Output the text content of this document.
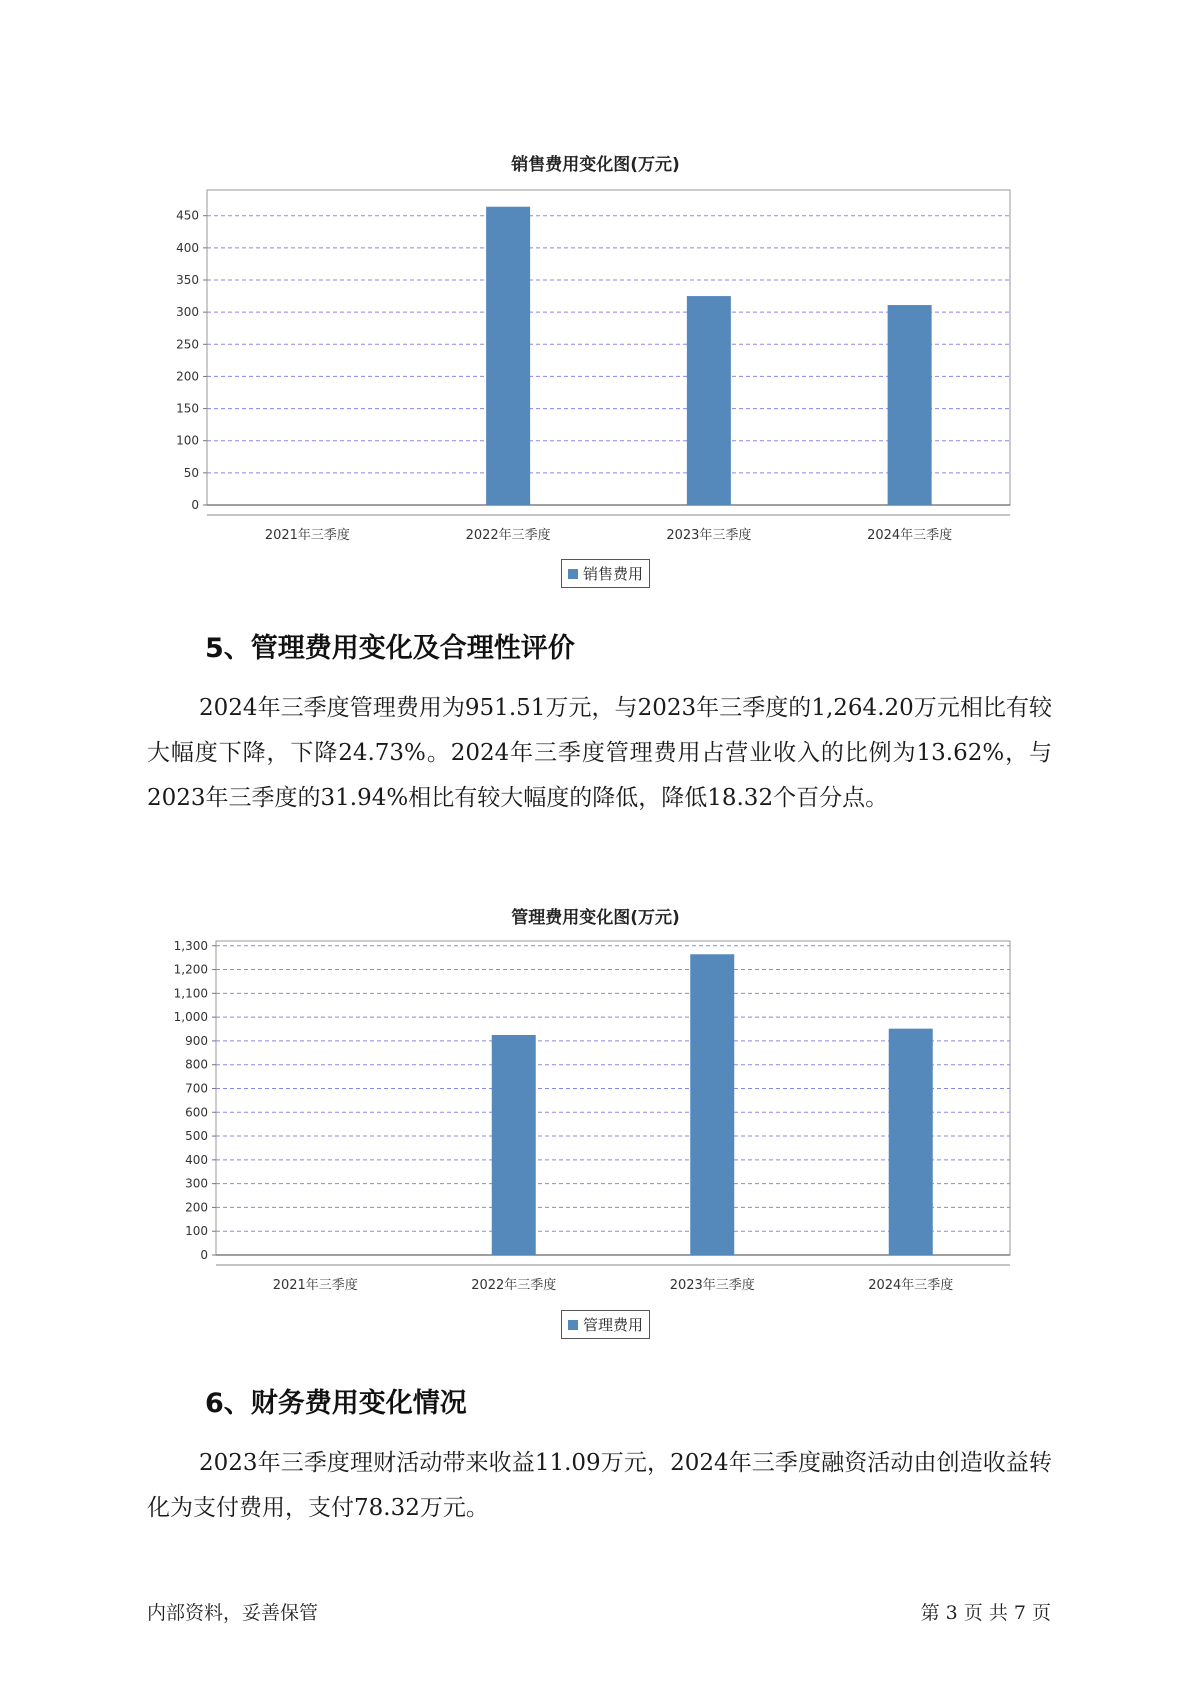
销售费用变化图(万元)
0
50
100
150
200
250
300
350
400
450
2021年三季度	2022年三季度	2023年三季度	2024年三季度
销售费用
5、管理费用变化及合理性评价

2024年三季度管理费用为951.51万元，与2023年三季度的1,264.20万元相比有较大幅度下降，下降24.73%。2024年三季度管理费用占营业收入的比例为13.62%，与2023年三季度的31.94%相比有较大幅度的降低，降低18.32个百分点。

管理费用变化图(万元)
0
100
200
300
400
500
600
700
800
900
1,000
1,100
1,200
1,300
2021年三季度	2022年三季度	2023年三季度	2024年三季度
管理费用
6、财务费用变化情况

2023年三季度理财活动带来收益11.09万元，2024年三季度融资活动由创造收益转化为支付费用，支付78.32万元。

内部资料，妥善保管	第 3 页 共 7 页
